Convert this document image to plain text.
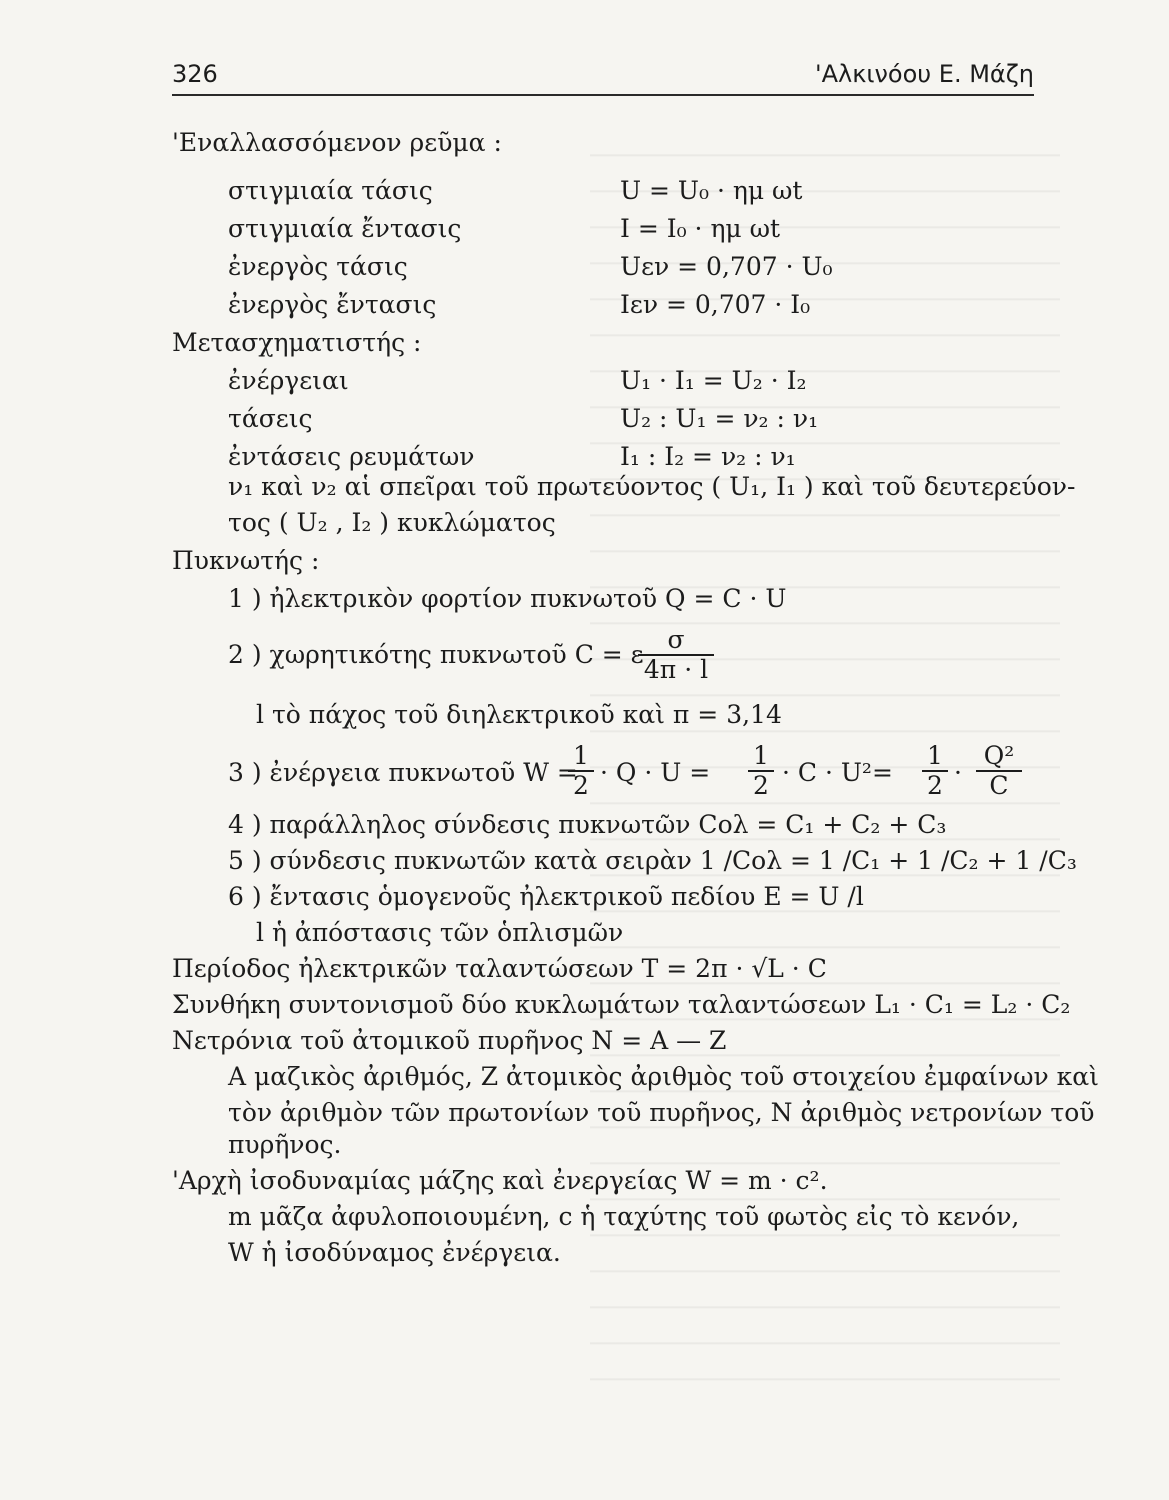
326	'Αλκινόου Ε. Μάζη
'Εναλλασσόμενον ρεῦμα :
στιγμιαία τάσις	U = U₀ · ημ ωt
στιγμιαία ἔντασις	I = I₀ · ημ ωt
ἐνεργὸς τάσις	Uεν = 0,707 · U₀
ἐνεργὸς ἔντασις	Iεν = 0,707 · I₀
Μετασχηματιστής :
ἐνέργειαι	U₁ · I₁ = U₂ · I₂
τάσεις	U₂ : U₁ = ν₂ : ν₁
ἐντάσεις ρευμάτων	I₁ : I₂ = ν₂ : ν₁
ν₁ καὶ ν₂ αἱ σπεῖραι τοῦ πρωτεύοντος ( U₁, I₁ ) καὶ τοῦ δευτερεύον-
τος ( U₂ , I₂ ) κυκλώματος
Πυκνωτής :
1 ) ἠλεκτρικὸν φορτίον πυκνωτοῦ Q = C · U
2 ) χωρητικότης πυκνωτοῦ C = ε
$\frac{\sigma}{4\pi \cdot l}$
l τὸ πάχος τοῦ διηλεκτρικοῦ καὶ π = 3,14
3 ) ἐνέργεια πυκνωτοῦ W =
$\frac{1}{2} \cdot Q \cdot U = \frac{1}{2} \cdot C \cdot U^2= \frac{1}{2} \cdot \frac{\text{Q²}}{C}$
4 ) παράλληλος σύνδεσις πυκνωτῶν Cολ = C₁ + C₂ + C₃
5 ) σύνδεσις πυκνωτῶν κατὰ σειρὰν 1 /Cολ = 1 /C₁ + 1 /C₂ + 1 /C₃
6 ) ἔντασις ὁμογενοῦς ἠλεκτρικοῦ πεδίου E = U /l
l ἡ ἀπόστασις τῶν ὁπλισμῶν
Περίοδος ἠλεκτρικῶν ταλαντώσεων T = 2π · √L · C
Συνθήκη συντονισμοῦ δύο κυκλωμάτων ταλαντώσεων L₁ · C₁ = L₂ · C₂
Νετρόνια τοῦ ἀτομικοῦ πυρῆνος N = A — Z
A μαζικὸς ἀριθμός, Z ἀτομικὸς ἀριθμὸς τοῦ στοιχείου ἐμφαίνων καὶ
τὸν ἀριθμὸν τῶν πρωτονίων τοῦ πυρῆνος, N ἀριθμὸς νετρονίων τοῦ
πυρῆνος.
'Αρχὴ ἰσοδυναμίας μάζης καὶ ἐνεργείας W = m · c².
m μᾶζα ἀφυλοποιουμένη, c ἡ ταχύτης τοῦ φωτὸς εἰς τὸ κενόν,
W ἡ ἰσοδύναμος ἐνέργεια.
